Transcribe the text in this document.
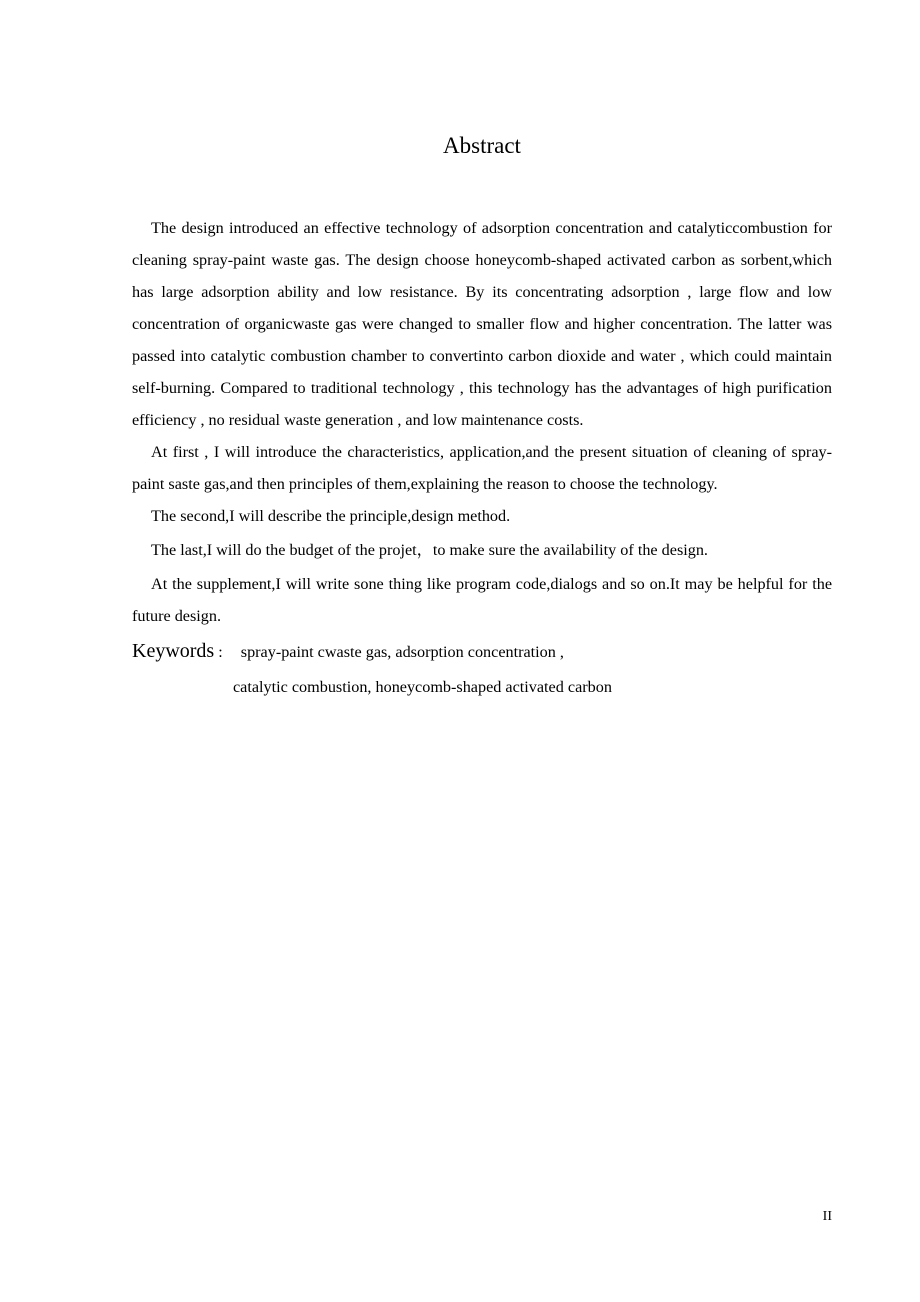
Abstract

The design introduced an effective technology of adsorption concentration and catalyticcombustion for cleaning spray-paint waste gas. The design choose honeycomb-shaped activated carbon as sorbent,which has large adsorption ability and low resistance. By its concentrating adsorption , large flow and low concentration of organicwaste gas were changed to smaller flow and higher concentration. The latter was passed into catalytic combustion chamber to convertinto carbon dioxide and water , which could maintain self-burning. Compared to traditional technology , this technology has the advantages of high purification efficiency , no residual waste generation , and low maintenance costs.

At first , I will introduce the characteristics, application,and the present situation of cleaning of spray-paint saste gas,and then principles of them,explaining the reason to choose the technology.

The second,I will describe the principle,design method.

The last,I will do the budget of the projet，to make sure the availability of the design.

At the supplement,I will write sone thing like program code,dialogs and so on.It may be helpful for the future design.

Keywords : spray-paint cwaste gas, adsorption concentration ,
catalytic combustion, honeycomb-shaped activated carbon
II
